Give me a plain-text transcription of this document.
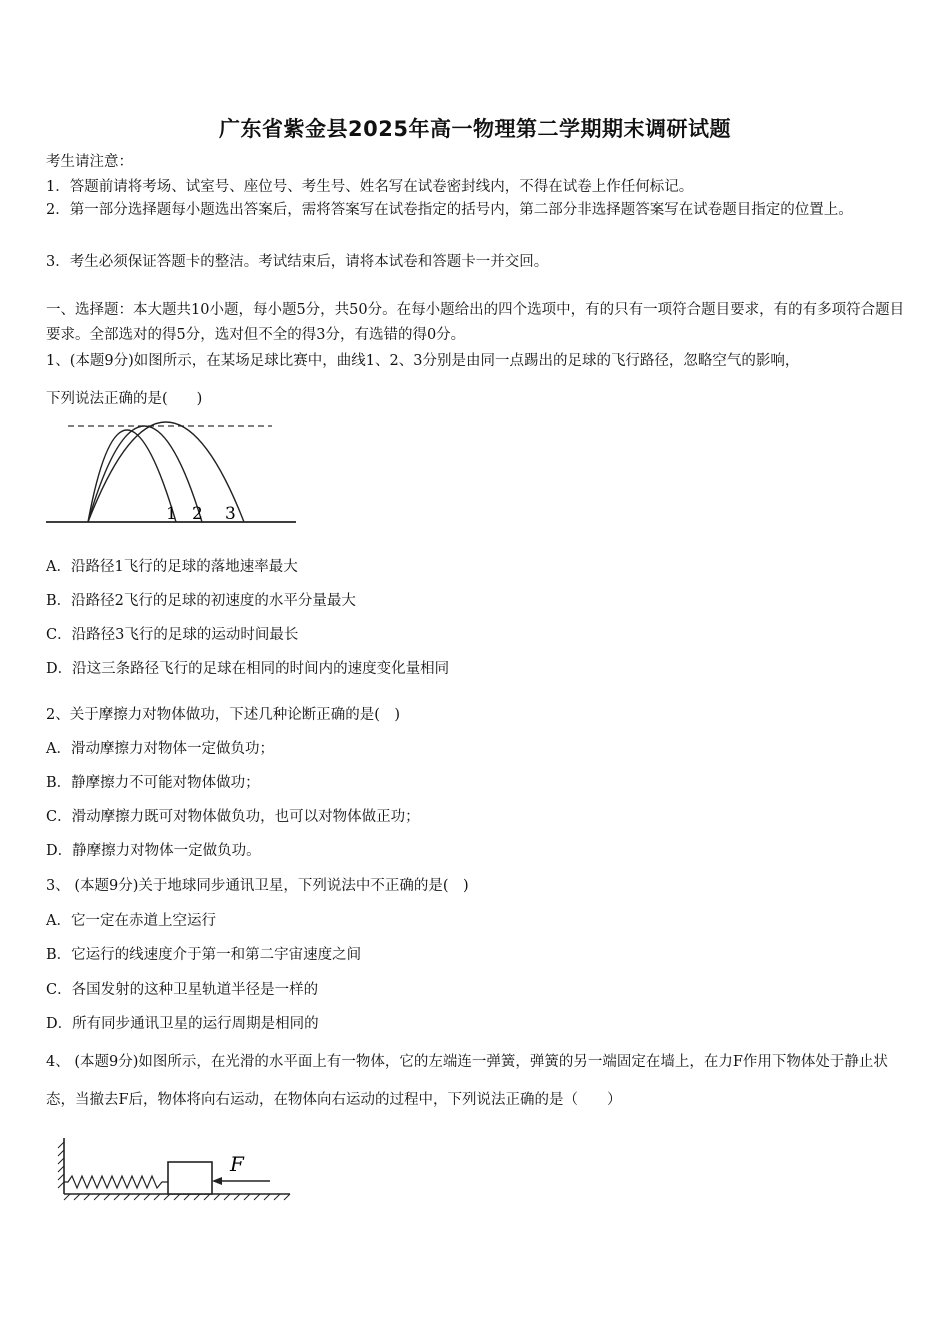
广东省紫金县2025年高一物理第二学期期末调研试题
考生请注意：
1．答题前请将考场、试室号、座位号、考生号、姓名写在试卷密封线内，不得在试卷上作任何标记。
2．第一部分选择题每小题选出答案后，需将答案写在试卷指定的括号内，第二部分非选择题答案写在试卷题目指定的位置上。
3．考生必须保证答题卡的整洁。考试结束后，请将本试卷和答题卡一并交回。
一、选择题：本大题共10小题，每小题5分，共50分。在每小题给出的四个选项中，有的只有一项符合题目要求，有的有多项符合题目要求。全部选对的得5分，选对但不全的得3分，有选错的得0分。
1、(本题9分)如图所示，在某场足球比赛中，曲线1、2、3分别是由同一点踢出的足球的飞行路径，忽略空气的影响，
下列说法正确的是(　　)
1 2 3
A．沿路径1飞行的足球的落地速率最大
B．沿路径2飞行的足球的初速度的水平分量最大
C．沿路径3飞行的足球的运动时间最长
D．沿这三条路径飞行的足球在相同的时间内的速度变化量相同
2、关于摩擦力对物体做功，下述几种论断正确的是(　)
A．滑动摩擦力对物体一定做负功；
B．静摩擦力不可能对物体做功；
C．滑动摩擦力既可对物体做负功，也可以对物体做正功；
D．静摩擦力对物体一定做负功。
3、 (本题9分)关于地球同步通讯卫星，下列说法中不正确的是(　)
A．它一定在赤道上空运行
B．它运行的线速度介于第一和第二宇宙速度之间
C．各国发射的这种卫星轨道半径是一样的
D．所有同步通讯卫星的运行周期是相同的
4、 (本题9分)如图所示，在光滑的水平面上有一物体，它的左端连一弹簧，弹簧的另一端固定在墙上，在力F作用下物体处于静止状态，当撤去F后，物体将向右运动，在物体向右运动的过程中，下列说法正确的是（　　）
F
